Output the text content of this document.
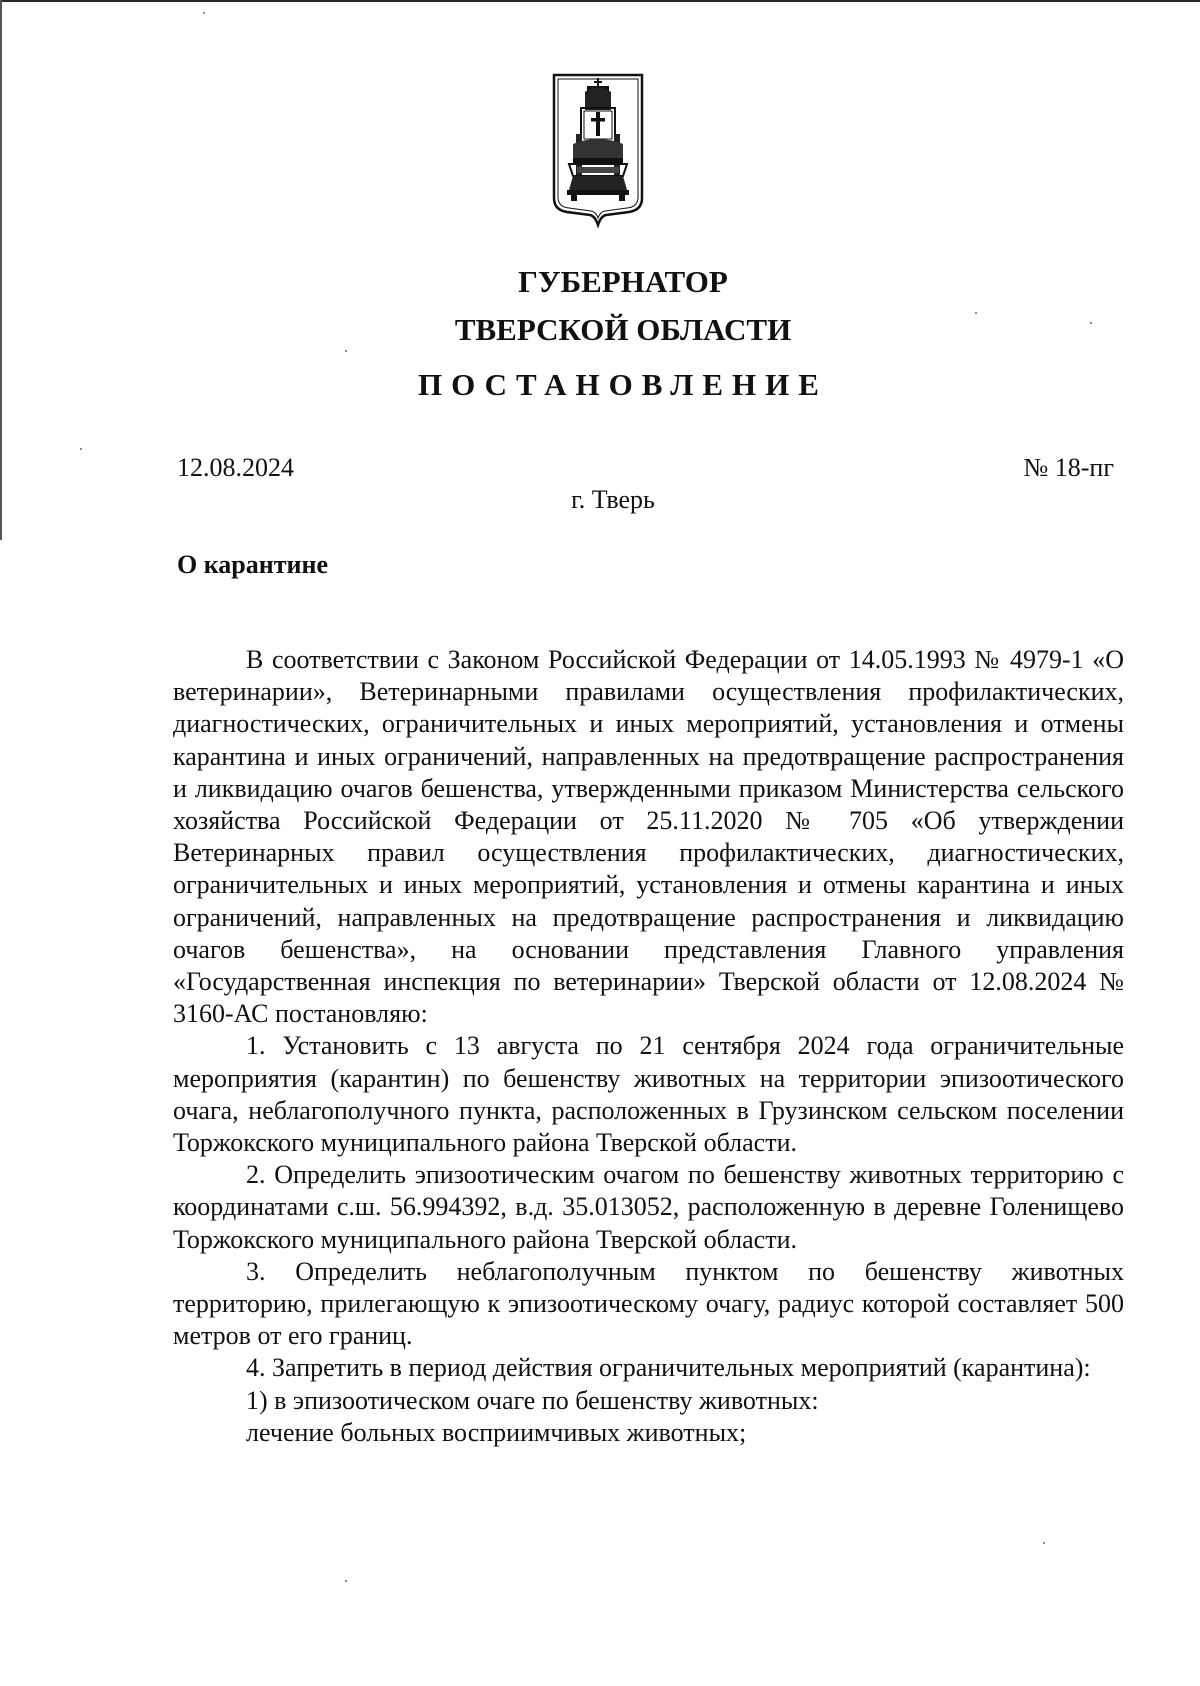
ГУБЕРНАТОР
ТВЕРСКОЙ ОБЛАСТИ
ПОСТАНОВЛЕНИЕ
12.08.2024	№ 18-пг
г. Тверь
О карантине

В соответствии с Законом Российской Федерации от 14.05.1993 № 4979-1 «О ветеринарии», Ветеринарными правилами осуществления профилактических, диагностических, ограничительных и иных мероприятий, установления и отмены карантина и иных ограничений, направленных на предотвращение распространения и ликвидацию очагов бешенства, утвержденными приказом Министерства сельского хозяйства Российской Федерации от 25.11.2020 № 705 «Об утверждении Ветеринарных правил осуществления профилактических, диагностических, ограничительных и иных мероприятий, установления и отмены карантина и иных ограничений, направленных на предотвращение распространения и ликвидацию очагов бешенства», на основании представления Главного управления «Государственная инспекция по ветеринарии» Тверской области от 12.08.2024 № 3160-АС постановляю:

1. Установить с 13 августа по 21 сентября 2024 года ограничительные мероприятия (карантин) по бешенству животных на территории эпизоотического очага, неблагополучного пункта, расположенных в Грузинском сельском поселении Торжокского муниципального района Тверской области.

2. Определить эпизоотическим очагом по бешенству животных территорию с координатами с.ш. 56.994392, в.д. 35.013052, расположенную в деревне Голенищево Торжокского муниципального района Тверской области.

3. Определить неблагополучным пунктом по бешенству животных территорию, прилегающую к эпизоотическому очагу, радиус которой составляет 500 метров от его границ.

4. Запретить в период действия ограничительных мероприятий (карантина):

1) в эпизоотическом очаге по бешенству животных:

лечение больных восприимчивых животных;
